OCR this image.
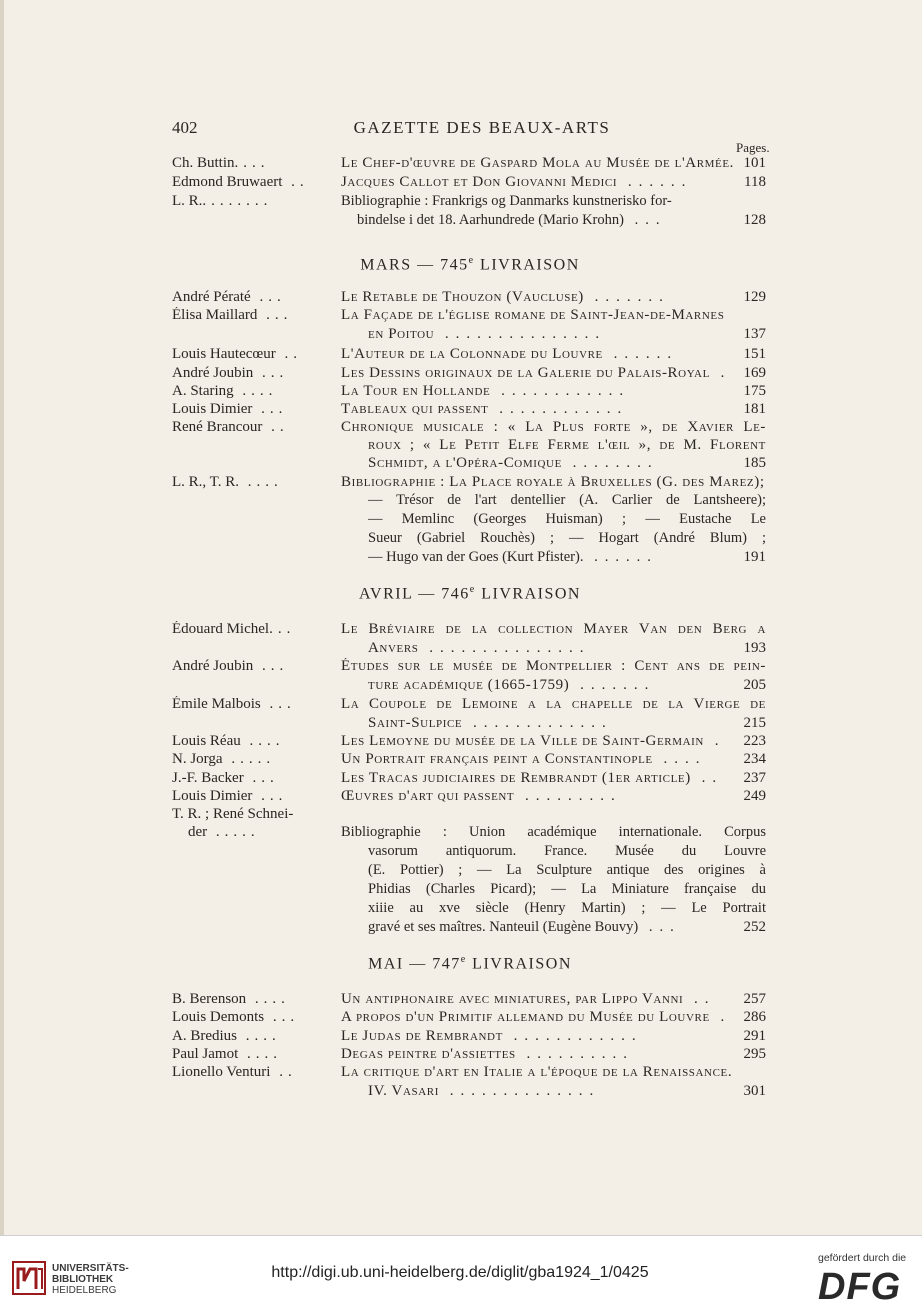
402	GAZETTE DES BEAUX-ARTS
Pages.
Ch. Buttin....	Le Chef-d'œuvre de Gaspard Mola au Musée de l'Armée. 101
Edmond Bruwaert ..	Jacques Callot et Don Giovanni Medici ......	118
L. R.........	Bibliographie : Frankrigs og Danmarks kunstnerisko for-
bindelse i det 18. Aarhundrede (Mario Krohn) ...	128
MARS — 745e LIVRAISON
André Pératé ...	Le Retable de Thouzon (Vaucluse) .......	129
Élisa Maillard ...	La Façade de l'église romane de Saint-Jean-de-Marnes
en Poitou ...............	137
Louis Hautecœur ..	L'Auteur de la Colonnade du Louvre ......	151
André Joubin ...	Les Dessins originaux de la Galerie du Palais-Royal . 169
A. Staring ....	La Tour en Hollande ............	175
Louis Dimier ...	Tableaux qui passent ............	181
René Brancour ..	Chronique musicale : « La Plus forte », de Xavier Le-
roux ; « Le Petit Elfe Ferme l'œil », de M. Florent
Schmidt, a l'Opéra-Comique ........	185
L. R., T. R. ....	Bibliographie : La Place royale à Bruxelles (G. des Marez);
— Trésor de l'art dentellier (A. Carlier de Lantsheere);
— Memlinc (Georges Huisman) ; — Eustache Le
Sueur (Gabriel Rouchès) ; — Hogart (André Blum) ;
— Hugo van der Goes (Kurt Pfister). ......	191
AVRIL — 746e LIVRAISON
Édouard Michel...	Le Bréviaire de la collection Mayer Van den Berg a
Anvers ...............	193
André Joubin ...	Études sur le musée de Montpellier : Cent ans de pein-
ture académique (1665-1759) .......	205
Émile Malbois ...	La Coupole de Lemoine a la chapelle de la Vierge de
Saint-Sulpice .............	215
Louis Réau ....	Les Lemoyne du musée de la Ville de Saint-Germain .	223
N. Jorga .....	Un Portrait français peint a Constantinople ....	234
J.-F. Backer ...	Les Tracas judiciaires de Rembrandt (1er article) ..	237
Louis Dimier ...	Œuvres d'art qui passent .........	249
T. R. ; René Schnei-
der .....	Bibliographie : Union académique internationale. Corpus
vasorum antiquorum. France. Musée du Louvre
(E. Pottier) ; — La Sculpture antique des origines à
Phidias (Charles Picard); — La Miniature française du
xiiie au xve siècle (Henry Martin) ; — Le Portrait
gravé et ses maîtres. Nanteuil (Eugène Bouvy) ...	252
MAI — 747e LIVRAISON
B. Berenson ....	Un antiphonaire avec miniatures, par Lippo Vanni ..	257
Louis Demonts ...	A propos d'un Primitif allemand du Musée du Louvre . 286
A. Bredius ....	Le Judas de Rembrandt ............	291
Paul Jamot ....	Degas peintre d'assiettes ..........	295
Lionello Venturi ..	La critique d'art en Italie a l'époque de la Renaissance.
IV. Vasari ..............	301
UNIVERSITÄTS-
BIBLIOTHEK
HEIDELBERG
http://digi.ub.uni-heidelberg.de/diglit/gba1924_1/0425
gefördert durch die
DFG
